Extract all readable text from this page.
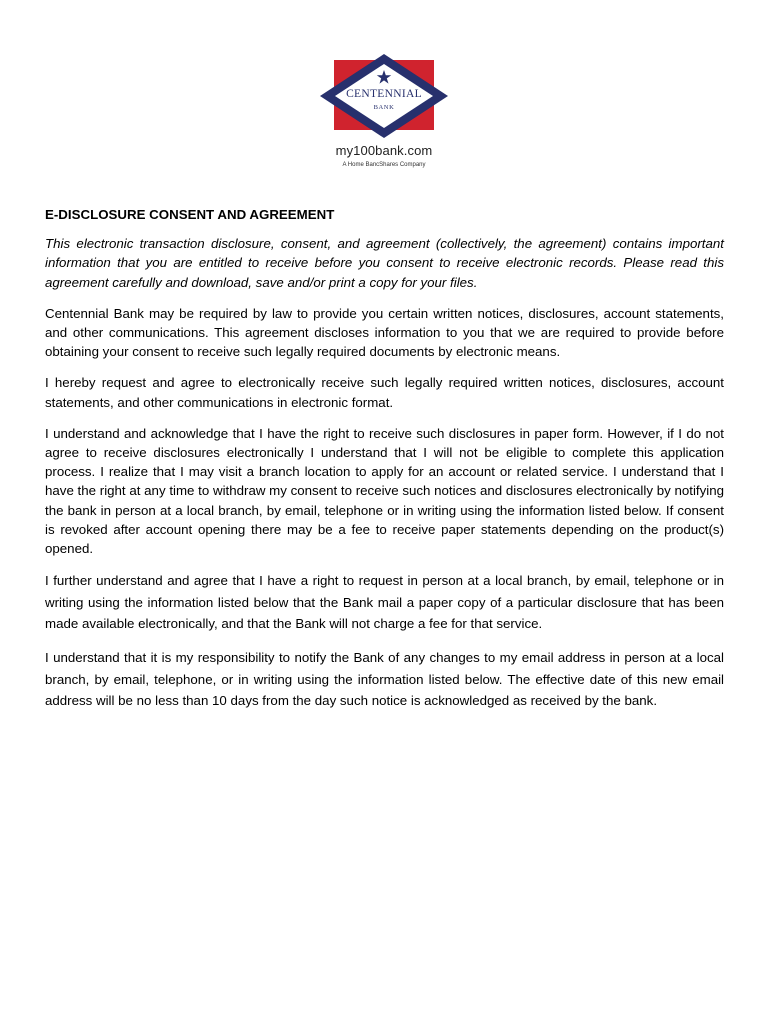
CENTENNIAL
BANK
my100bank.com
A Home BancShares Company
E-DISCLOSURE CONSENT AND AGREEMENT

This electronic transaction disclosure, consent, and agreement (collectively, the agreement) contains important information that you are entitled to receive before you consent to receive electronic records. Please read this agreement carefully and download, save and/or print a copy for your files.

Centennial Bank may be required by law to provide you certain written notices, disclosures, account statements, and other communications. This agreement discloses information to you that we are required to provide before obtaining your consent to receive such legally required documents by electronic means.

I hereby request and agree to electronically receive such legally required written notices, disclosures, account statements, and other communications in electronic format.

I understand and acknowledge that I have the right to receive such disclosures in paper form. However, if I do not agree to receive disclosures electronically I understand that I will not be eligible to complete this application process. I realize that I may visit a branch location to apply for an account or related service. I understand that I have the right at any time to withdraw my consent to receive such notices and disclosures electronically by notifying the bank in person at a local branch, by email, telephone or in writing using the information listed below. If consent is revoked after account opening there may be a fee to receive paper statements depending on the product(s) opened.

I further understand and agree that I have a right to request in person at a local branch, by email, telephone or in writing using the information listed below that the Bank mail a paper copy of a particular disclosure that has been made available electronically, and that the Bank will not charge a fee for that service.

I understand that it is my responsibility to notify the Bank of any changes to my email address in person at a local branch, by email, telephone, or in writing using the information listed below. The effective date of this new email address will be no less than 10 days from the day such notice is acknowledged as received by the bank.
